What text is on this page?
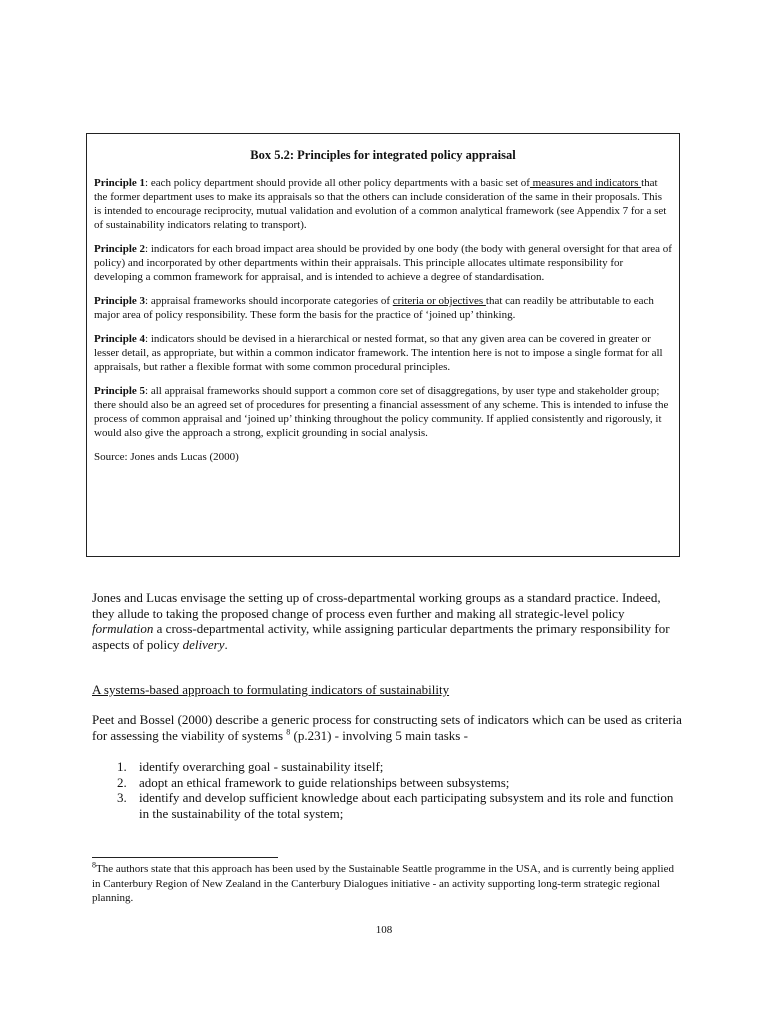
Box 5.2: Principles for integrated policy appraisal

Principle 1: each policy department should provide all other policy departments with a basic set of measures and indicators that the former department uses to make its appraisals so that the others can include consideration of the same in their proposals. This is intended to encourage reciprocity, mutual validation and evolution of a common analytical framework (see Appendix 7 for a set of sustainability indicators relating to transport).

Principle 2: indicators for each broad impact area should be provided by one body (the body with general oversight for that area of policy) and incorporated by other departments within their appraisals. This principle allocates ultimate responsibility for developing a common framework for appraisal, and is intended to achieve a degree of standardisation.

Principle 3: appraisal frameworks should incorporate categories of criteria or objectives that can readily be attributable to each major area of policy responsibility. These form the basis for the practice of ‘joined up’ thinking.

Principle 4: indicators should be devised in a hierarchical or nested format, so that any given area can be covered in greater or lesser detail, as appropriate, but within a common indicator framework. The intention here is not to impose a single format for all appraisals, but rather a flexible format with some common procedural principles.

Principle 5: all appraisal frameworks should support a common core set of disaggregations, by user type and stakeholder group; there should also be an agreed set of procedures for presenting a financial assessment of any scheme. This is intended to infuse the process of common appraisal and ‘joined up’ thinking throughout the policy community. If applied consistently and rigorously, it would also give the approach a strong, explicit grounding in social analysis.

Source: Jones ands Lucas (2000)

Jones and Lucas envisage the setting up of cross-departmental working groups as a standard practice. Indeed, they allude to taking the proposed change of process even further and making all strategic-level policy formulation a cross-departmental activity, while assigning particular departments the primary responsibility for aspects of policy delivery.

A systems-based approach to formulating indicators of sustainability

Peet and Bossel (2000) describe a generic process for constructing sets of indicators which can be used as criteria for assessing the viability of systems $^8$ (p.231) - involving 5 main tasks -

1. identify overarching goal - sustainability itself;
2. adopt an ethical framework to guide relationships between subsystems;
3. identify and develop sufficient knowledge about each participating subsystem and its role and function in the sustainability of the total system;

$^8$The authors state that this approach has been used by the Sustainable Seattle programme in the USA, and is currently being applied in Canterbury Region of New Zealand in the Canterbury Dialogues initiative - an activity supporting long-term strategic regional planning.

108
